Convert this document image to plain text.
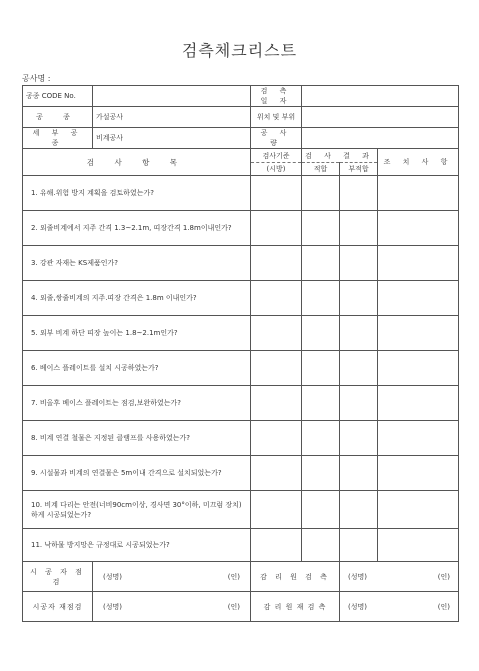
검측체크리스트
공사명 :
공종 CODE No.		검 측 일 자			
공 종	가설공사	위치 및 부위			
세 부 공 종	비계공사	공 사 량			
검 사 항 목		검사기준	검 사 결 과		조 치 사 항
		(시방)	적합	부적합	
1. 유해.위험 방지 계획을 검토하였는가?					
2. 외줄비계에서 지주 간격 1.3~2.1m, 띠장간격 1.8m이내인가?					
3. 강관 자재는 KS제품인가?					
4. 외줄,쌍줄비계의 지주.띠장 간격은 1.8m 이내인가?					
5. 외부 비계 하단 띠장 높이는 1.8~2.1m인가?					
6. 베이스 플레이트를 설치 시공하였는가?					
7. 비올후 베이스 플레이트는 점검,보완하였는가?					
8. 비계 연결 철물은 지정된 클램프를 사용하였는가?					
9. 시설물과 비계의 연결물은 5m이내 간격으로 설치되었는가?					
10. 비계 다리는 안전(너비90cm이상, 경사면 30°이하, 미끄럼 장치)하게 시공되었는가?					
11. 낙하물 방지망은 규정대로 시공되었는가?					
시 공 자 점 검	(성명) (인)	감 리 원 검 측		(성명) (인)	

시공자 재점검	(성명) (인)	감 리 원 재 검 측		(성명) (인)	
